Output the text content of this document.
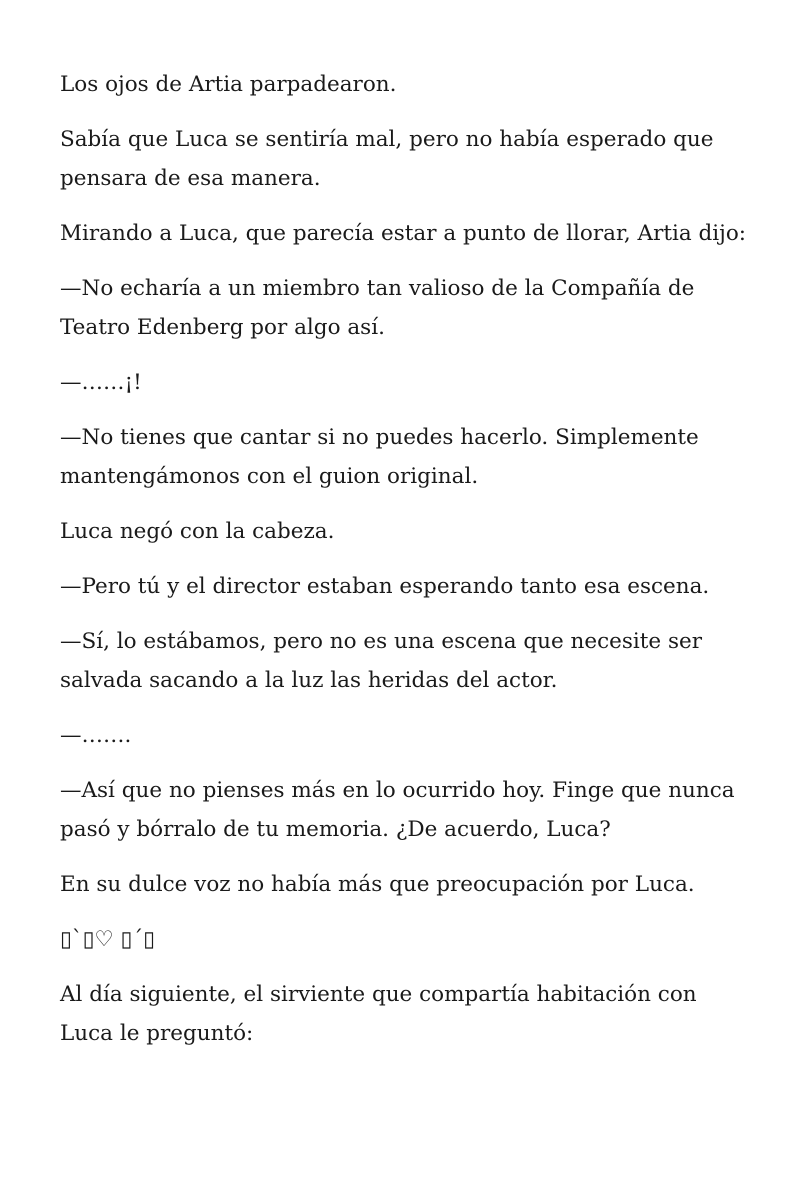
Los ojos de Artia parpadearon.

Sabía que Luca se sentiría mal, pero no había esperado que pensara de esa manera.

Mirando a Luca, que parecía estar a punto de llorar, Artia dijo:

—No echaría a un miembro tan valioso de la Compañía de Teatro Edenberg por algo así.

—……¡!

—No tienes que cantar si no puedes hacerlo. Simplemente mantengámonos con el guion original.

Luca negó con la cabeza.

—Pero tú y el director estaban esperando tanto esa escena.

—Sí, lo estábamos, pero no es una escena que necesite ser salvada sacando a la luz las heridas del actor.

—…….

—Así que no pienses más en lo ocurrido hoy. Finge que nunca pasó y bórralo de tu memoria. ¿De acuerdo, Luca?

En su dulce voz no había más que preocupación por Luca.

▯`▯♡ ▯´▯

Al día siguiente, el sirviente que compartía habitación con Luca le preguntó:
